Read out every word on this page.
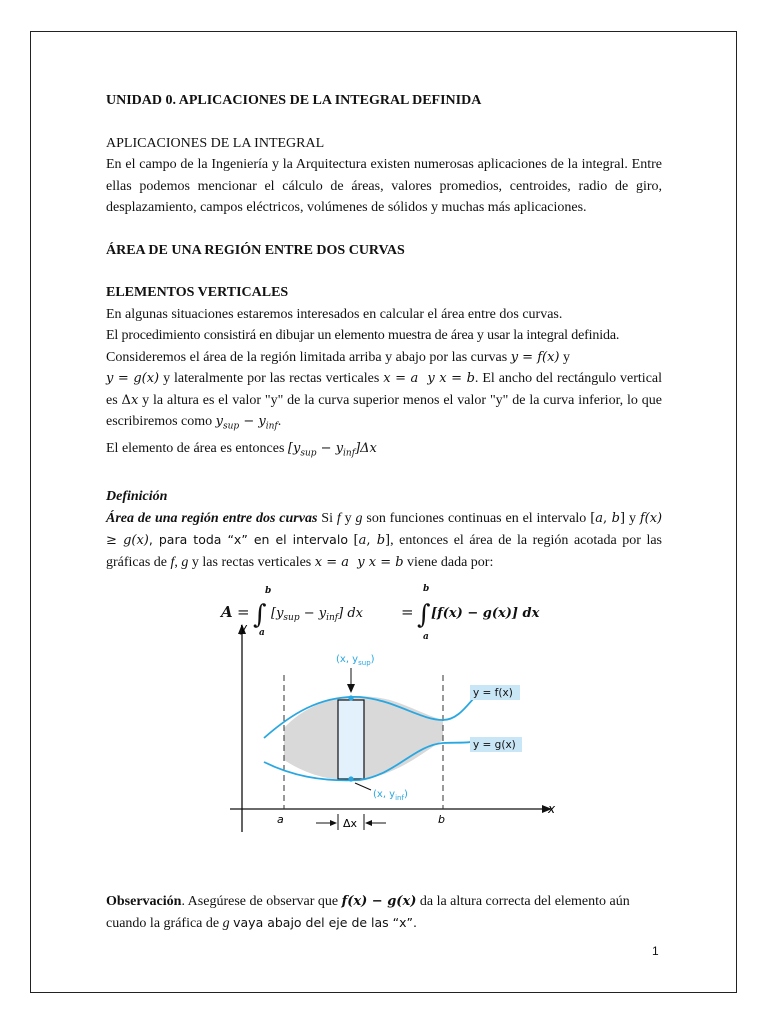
UNIDAD 0. APLICACIONES DE LA INTEGRAL DEFINIDA

APLICACIONES DE LA INTEGRAL

En el campo de la Ingeniería y la Arquitectura existen numerosas aplicaciones de la integral. Entre ellas podemos mencionar el cálculo de áreas, valores promedios, centroides, radio de giro, desplazamiento, campos eléctricos, volúmenes de sólidos y muchas más aplicaciones.

ÁREA DE UNA REGIÓN ENTRE DOS CURVAS

ELEMENTOS VERTICALES

En algunas situaciones estaremos interesados en calcular el área entre dos curvas.

El procedimiento consistirá en dibujar un elemento muestra de área y usar la integral definida.

Consideremos el área de la región limitada arriba y abajo por las curvas y = f(x) y
y = g(x) y lateralmente por las rectas verticales x = a  y x = b. El ancho del rectángulo vertical es Δx y la altura es el valor "y" de la curva superior menos el valor "y" de la curva inferior, lo que escribiremos como $y_{sup} - y_{inf}$.

El elemento de área es entonces $[y_{sup} - y_{inf}]\Delta x$

Definición

Área de una región entre dos curvas Si f y g son funciones continuas en el intervalo [a, b] y f(x) ≥ g(x), para toda “x” en el intervalo [a, b], entonces el área de la región acotada por las gráficas de f, g y las rectas verticales x = a  y x = b viene dada por:

A = ∫
b
a
$[y_{sup} - y_{inf}]$ dx	= ∫
b
a
[f(x) − g(x)] dx
y
x
(x, $y_{sup}$)
(x, $y_{inf}$)
y = f(x)
y = g(x)
a	b
Δx

Observación. Asegúrese de observar que f(x) − g(x) da la altura correcta del elemento aún cuando la gráfica de g vaya abajo del eje de las “x”.

1
